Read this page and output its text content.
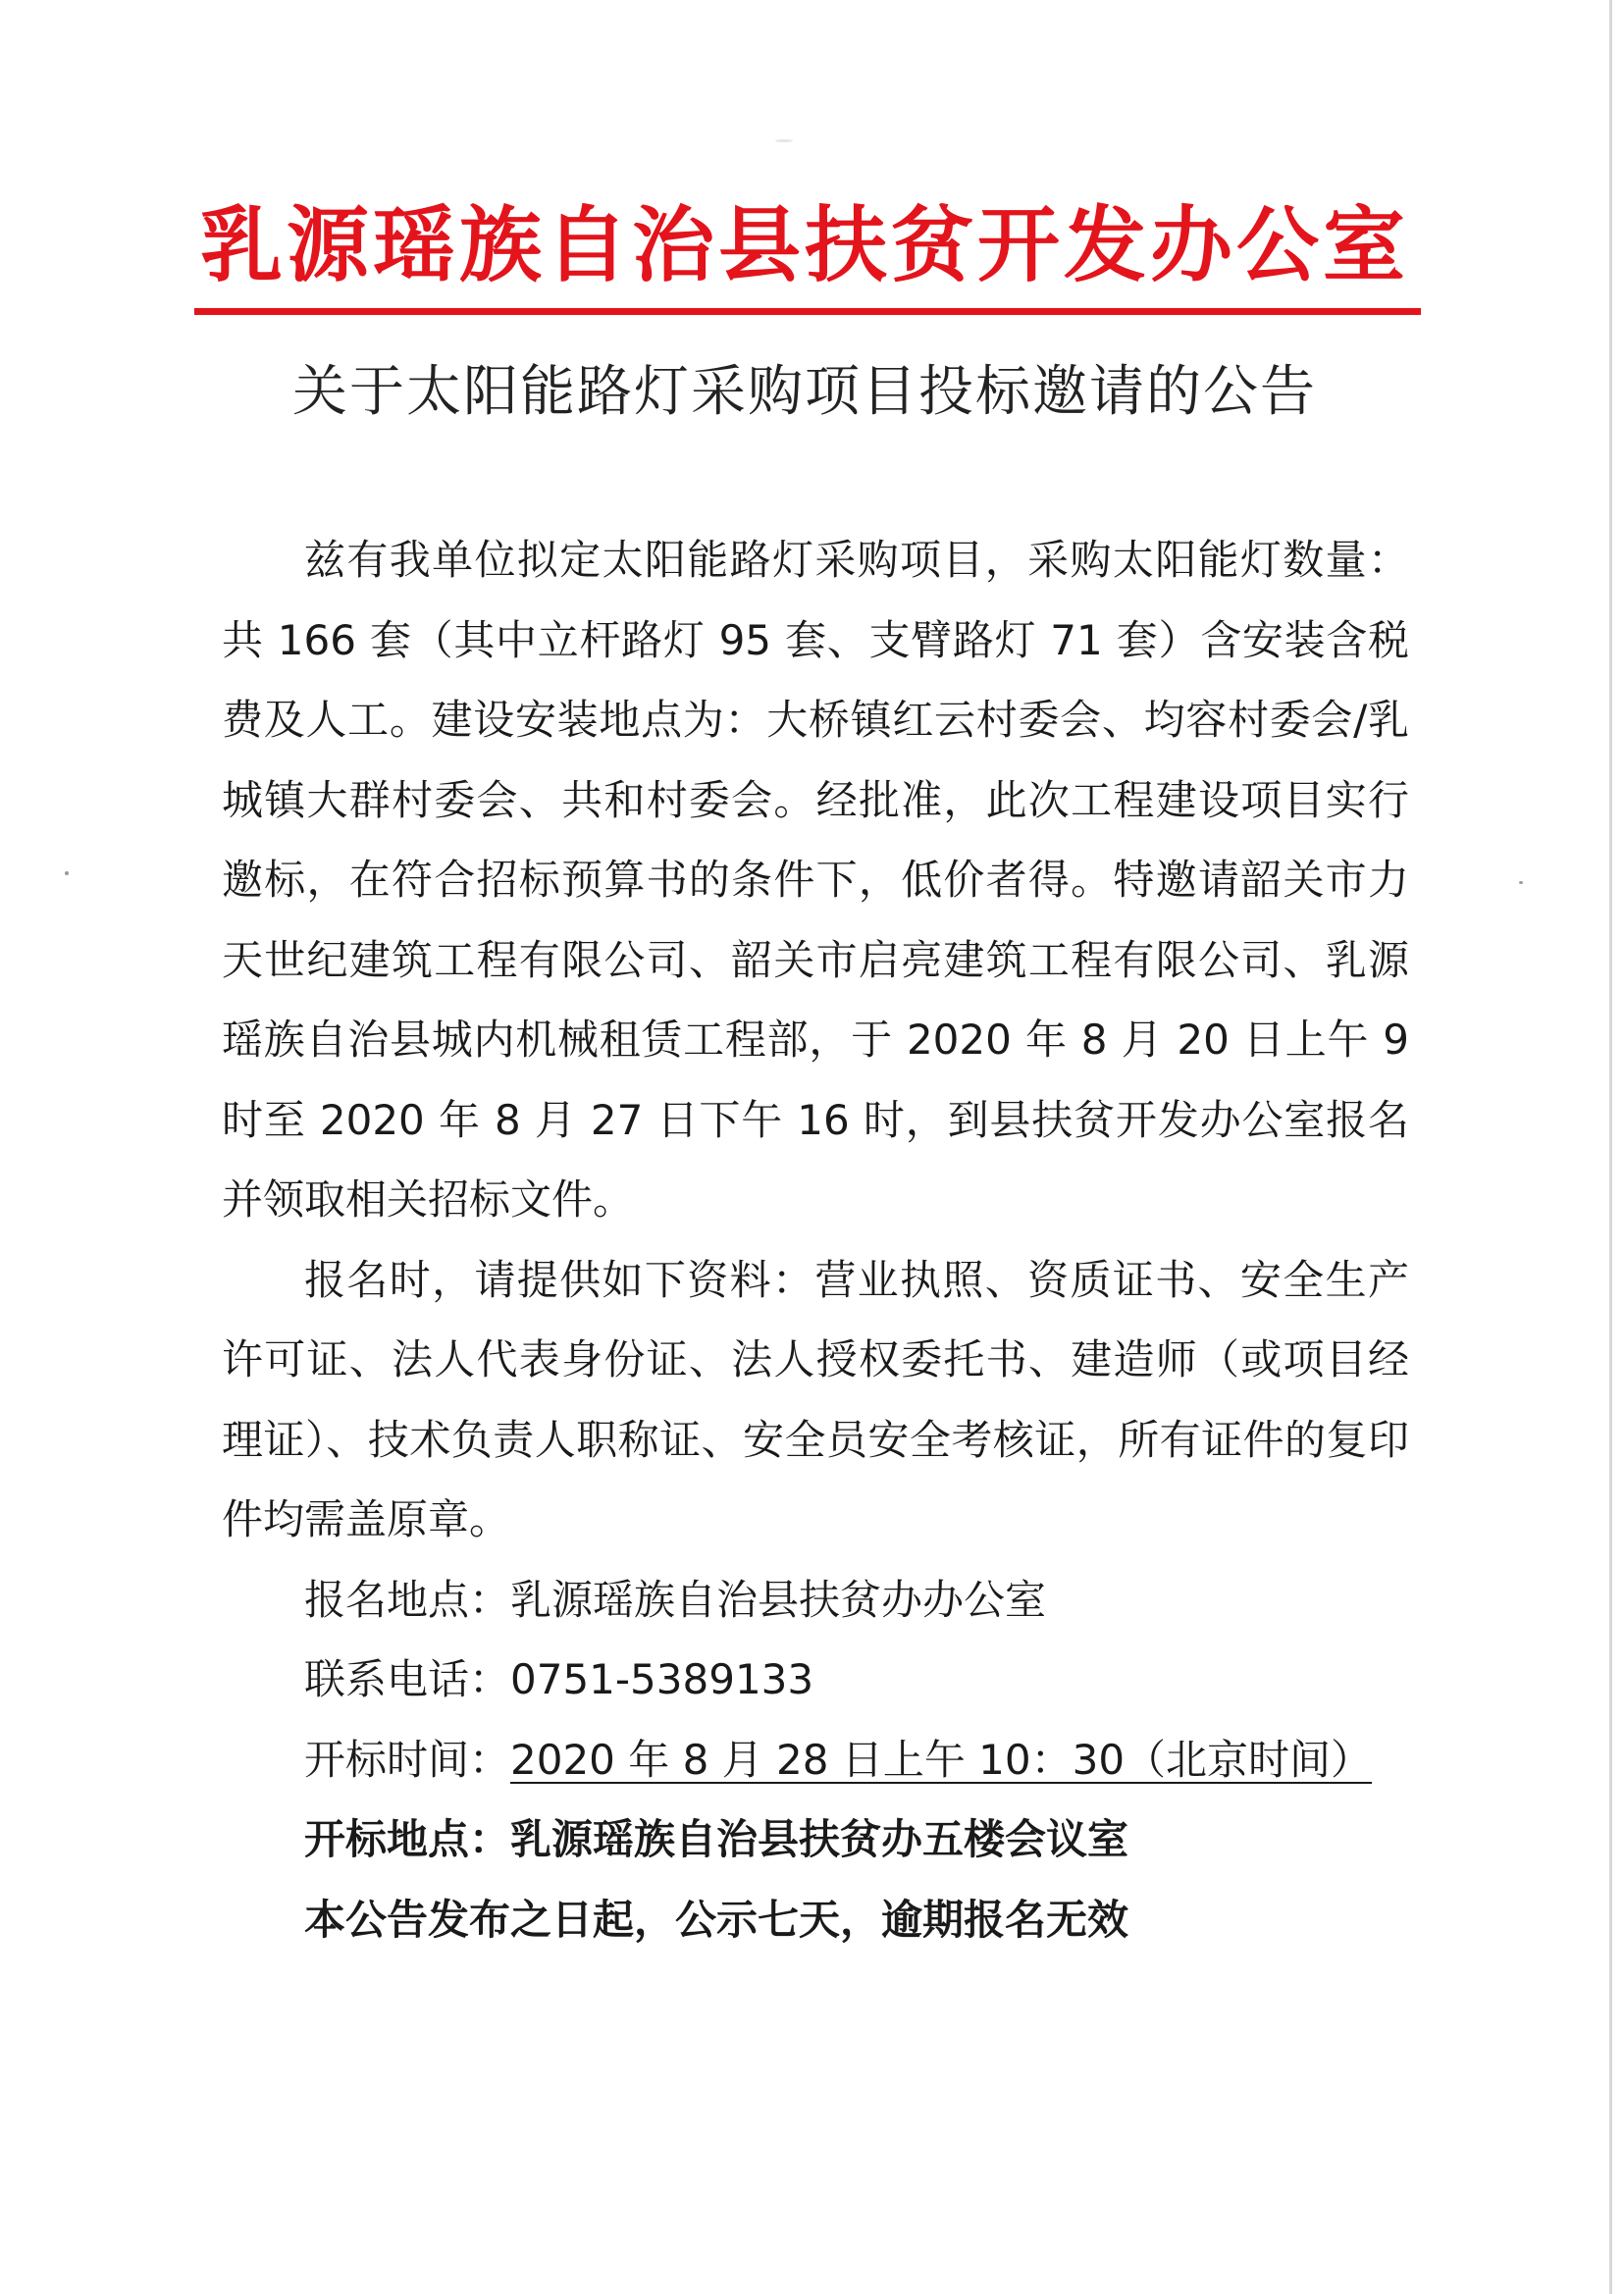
乳源瑶族自治县扶贫开发办公室
关于太阳能路灯采购项目投标邀请的公告

兹有我单位拟定太阳能路灯采购项目，采购太阳能灯数量：共 166 套（其中立杆路灯 95 套、支臂路灯 71 套）含安装含税费及人工。建设安装地点为：大桥镇红云村委会、均容村委会/乳城镇大群村委会、共和村委会。经批准，此次工程建设项目实行邀标，在符合招标预算书的条件下，低价者得。特邀请韶关市力天世纪建筑工程有限公司、韶关市启亮建筑工程有限公司、乳源瑶族自治县城内机械租赁工程部，于 2020 年 8 月 20 日上午 9 时至 2020 年 8 月 27 日下午 16 时，到县扶贫开发办公室报名并领取相关招标文件。

报名时，请提供如下资料：营业执照、资质证书、安全生产许可证、法人代表身份证、法人授权委托书、建造师（或项目经理证）、技术负责人职称证、安全员安全考核证，所有证件的复印件均需盖原章。

报名地点：乳源瑶族自治县扶贫办办公室

联系电话：0751-5389133

开标时间：2020 年 8 月 28 日上午 10：30（北京时间）

开标地点：乳源瑶族自治县扶贫办五楼会议室

本公告发布之日起，公示七天，逾期报名无效
